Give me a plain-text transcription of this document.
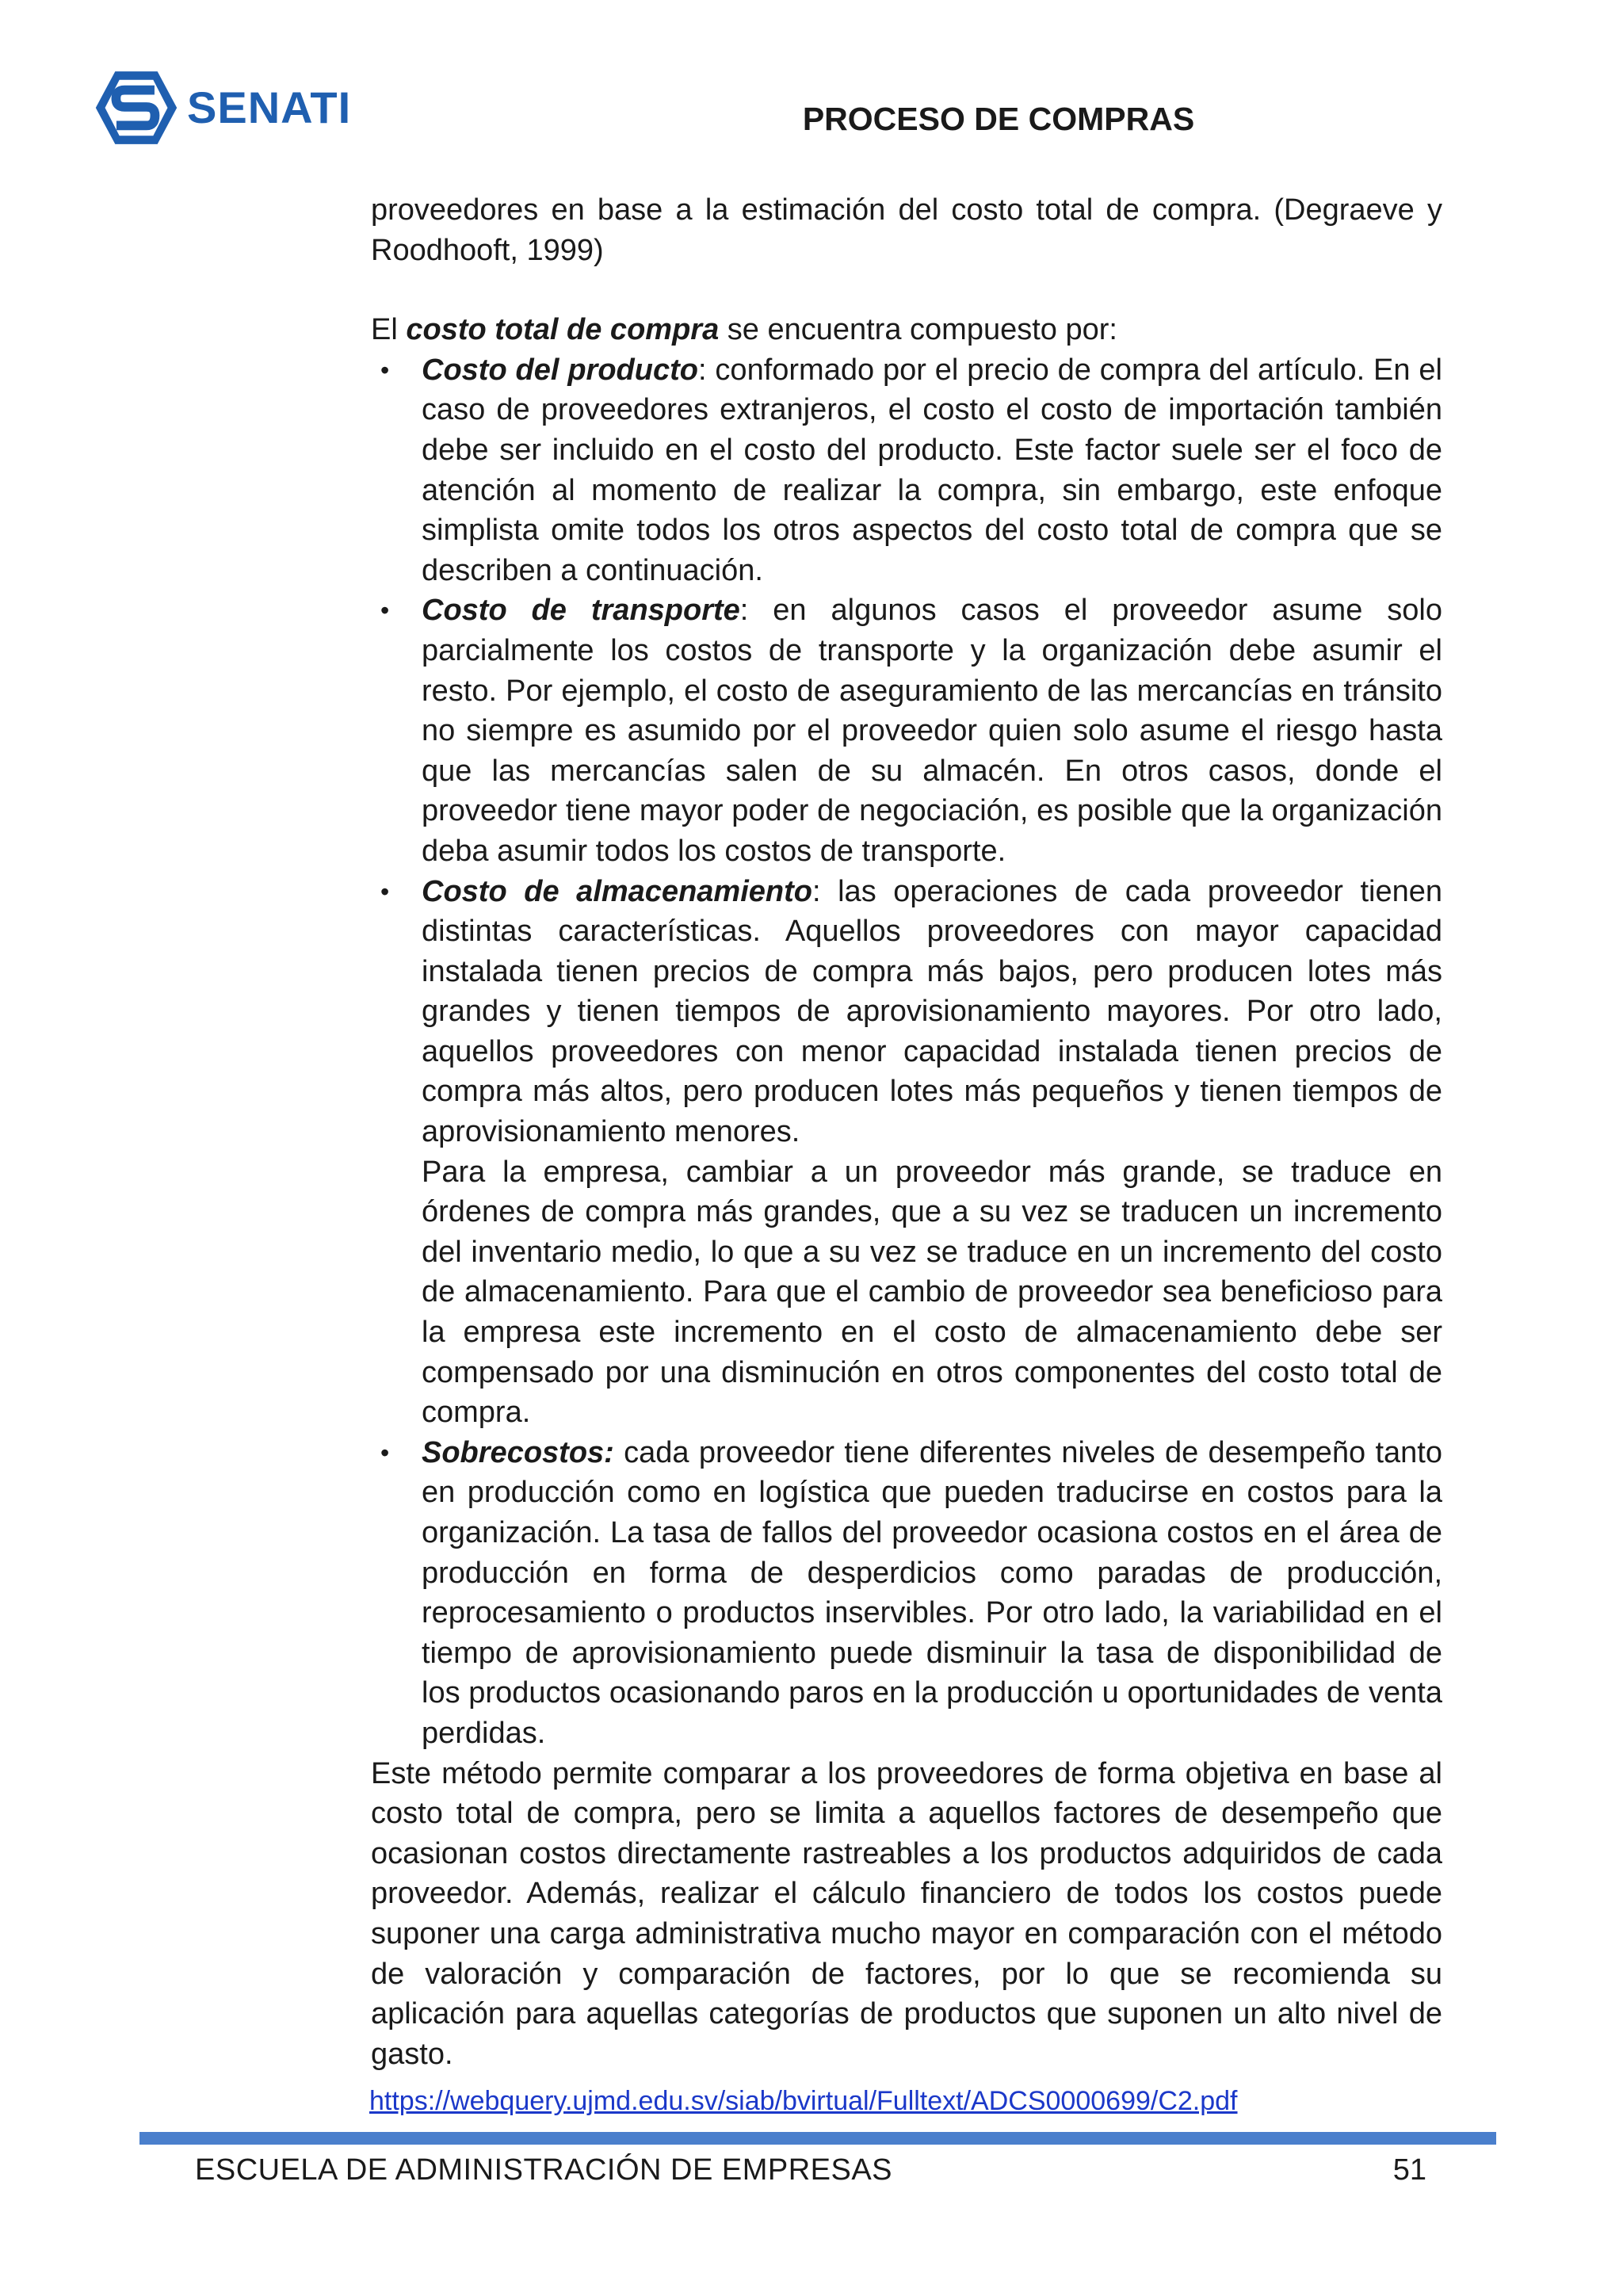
SENATI	PROCESO DE COMPRAS

proveedores en base a la estimación del costo total de compra. (Degraeve y Roodhooft, 1999)

El costo total de compra se encuentra compuesto por:

•	Costo del producto: conformado por el precio de compra del artículo. En el caso de proveedores extranjeros, el costo el costo de importación también debe ser incluido en el costo del producto. Este factor suele ser el foco de atención al momento de realizar la compra, sin embargo, este enfoque simplista omite todos los otros aspectos del costo total de compra que se describen a continuación.
•	Costo de transporte: en algunos casos el proveedor asume solo parcialmente los costos de transporte y la organización debe asumir el resto. Por ejemplo, el costo de aseguramiento de las mercancías en tránsito no siempre es asumido por el proveedor quien solo asume el riesgo hasta que las mercancías salen de su almacén. En otros casos, donde el proveedor tiene mayor poder de negociación, es posible que la organización deba asumir todos los costos de transporte.
•	Costo de almacenamiento: las operaciones de cada proveedor tienen distintas características. Aquellos proveedores con mayor capacidad instalada tienen precios de compra más bajos, pero producen lotes más grandes y tienen tiempos de aprovisionamiento mayores. Por otro lado, aquellos proveedores con menor capacidad instalada tienen precios de compra más altos, pero producen lotes más pequeños y tienen tiempos de aprovisionamiento menores.

Para la empresa, cambiar a un proveedor más grande, se traduce en órdenes de compra más grandes, que a su vez se traducen un incremento del inventario medio, lo que a su vez se traduce en un incremento del costo de almacenamiento. Para que el cambio de proveedor sea beneficioso para la empresa este incremento en el costo de almacenamiento debe ser compensado por una disminución en otros componentes del costo total de compra.

•	Sobrecostos: cada proveedor tiene diferentes niveles de desempeño tanto en producción como en logística que pueden traducirse en costos para la organización. La tasa de fallos del proveedor ocasiona costos en el área de producción en forma de desperdicios como paradas de producción, reprocesamiento o productos inservibles. Por otro lado, la variabilidad en el tiempo de aprovisionamiento puede disminuir la tasa de disponibilidad de los productos ocasionando paros en la producción u oportunidades de venta perdidas.

Este método permite comparar a los proveedores de forma objetiva en base al costo total de compra, pero se limita a aquellos factores de desempeño que ocasionan costos directamente rastreables a los productos adquiridos de cada proveedor. Además, realizar el cálculo financiero de todos los costos puede suponer una carga administrativa mucho mayor en comparación con el método de valoración y comparación de factores, por lo que se recomienda su aplicación para aquellas categorías de productos que suponen un alto nivel de gasto.

https://webquery.ujmd.edu.sv/siab/bvirtual/Fulltext/ADCS0000699/C2.pdf
ESCUELA DE ADMINISTRACIÓN DE EMPRESAS	51
